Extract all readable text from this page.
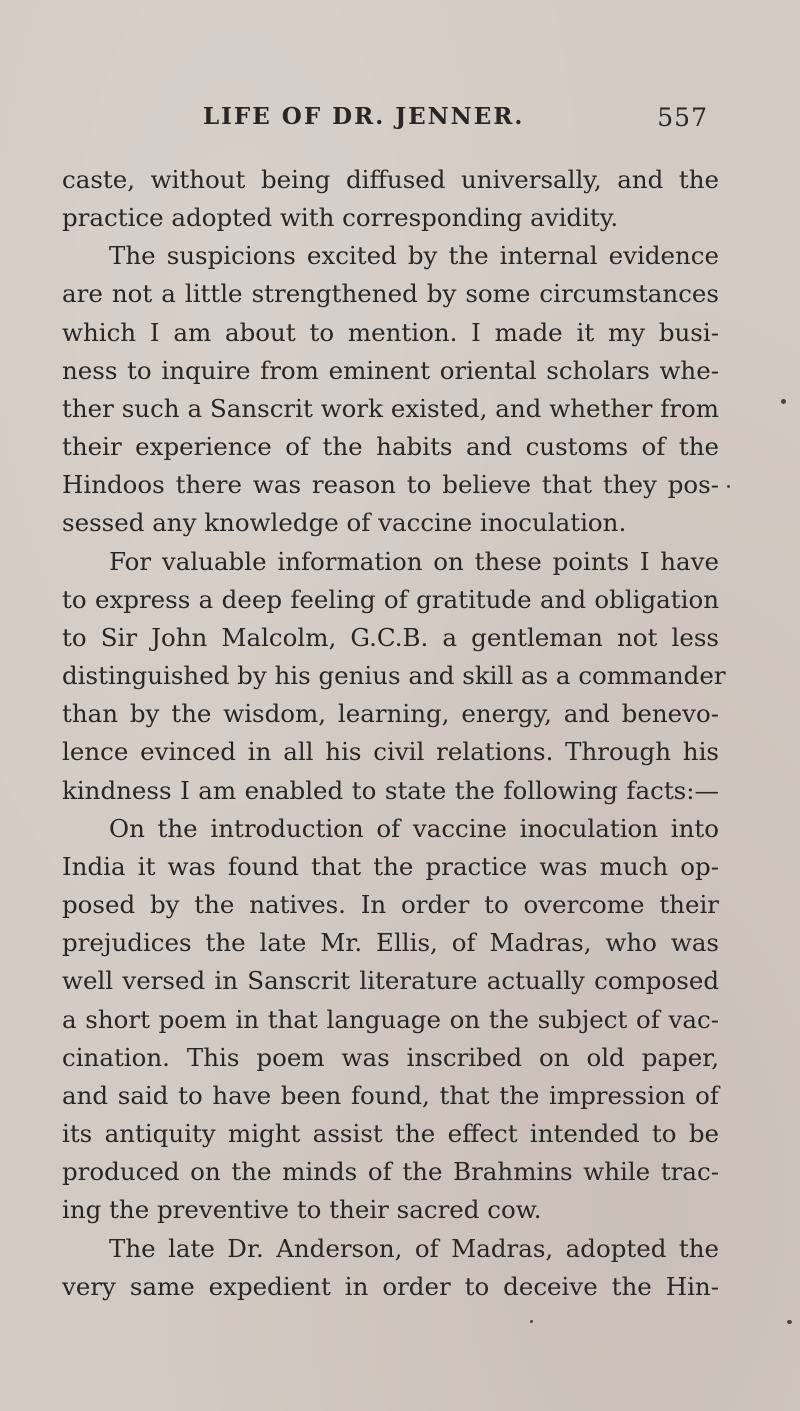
LIFE OF DR. JENNER.	557
caste, without being diffused universally, and the
practice adopted with corresponding avidity.
The suspicions excited by the internal evidence
are not a little strengthened by some circumstances
which I am about to mention. I made it my busi-
ness to inquire from eminent oriental scholars whe-
ther such a Sanscrit work existed, and whether from
their experience of the habits and customs of the
Hindoos there was reason to believe that they pos-
sessed any knowledge of vaccine inoculation.
For valuable information on these points I have
to express a deep feeling of gratitude and obligation
to Sir John Malcolm, G.C.B. a gentleman not less
distinguished by his genius and skill as a commander
than by the wisdom, learning, energy, and benevo-
lence evinced in all his civil relations. Through his
kindness I am enabled to state the following facts:—
On the introduction of vaccine inoculation into
India it was found that the practice was much op-
posed by the natives. In order to overcome their
prejudices the late Mr. Ellis, of Madras, who was
well versed in Sanscrit literature actually composed
a short poem in that language on the subject of vac-
cination. This poem was inscribed on old paper,
and said to have been found, that the impression of
its antiquity might assist the effect intended to be
produced on the minds of the Brahmins while trac-
ing the preventive to their sacred cow.
The late Dr. Anderson, of Madras, adopted the
very same expedient in order to deceive the Hin-
